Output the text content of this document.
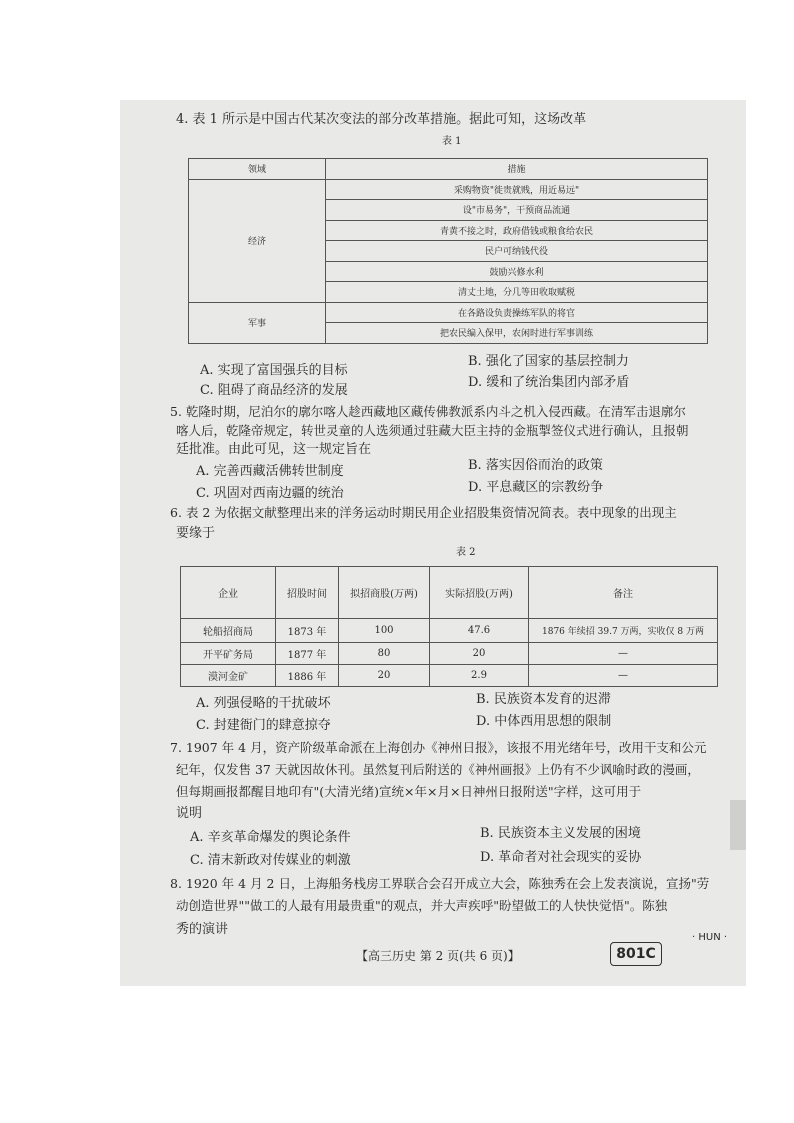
4. 表 1 所示是中国古代某次变法的部分改革措施。据此可知，这场改革
表 1
领域	措施
经济	采购物资"徙贵就贱，用近易远"
	设"市易务"，干预商品流通
	青黄不接之时，政府借钱或粮食给农民
	民户可纳钱代役
	鼓励兴修水利
	清丈土地，分几等田收取赋税
军事	在各路设负责操练军队的将官
	把农民编入保甲，农闲时进行军事训练
A. 实现了富国强兵的目标
B. 强化了国家的基层控制力
C. 阻碍了商品经济的发展
D. 缓和了统治集团内部矛盾
5. 乾隆时期，尼泊尔的廓尔喀人趁西藏地区藏传佛教派系内斗之机入侵西藏。在清军击退廓尔
喀人后，乾隆帝规定，转世灵童的人选须通过驻藏大臣主持的金瓶掣签仪式进行确认，且报朝
廷批准。由此可见，这一规定旨在
A. 完善西藏活佛转世制度	B. 落实因俗而治的政策
C. 巩固对西南边疆的统治	D. 平息藏区的宗教纷争
6. 表 2 为依据文献整理出来的洋务运动时期民用企业招股集资情况简表。表中现象的出现主
要缘于
表 2
企业	招股时间	拟招商股(万两)	实际招股(万两)	备注
轮船招商局	1873 年	100	47.6	1876 年续招 39.7 万两，实收仅 8 万两
开平矿务局	1877 年	80	20	—
漠河金矿	1886 年	20	2.9	—
A. 列强侵略的干扰破坏	B. 民族资本发育的迟滞
C. 封建衙门的肆意掠夺	D. 中体西用思想的限制
7. 1907 年 4 月，资产阶级革命派在上海创办《神州日报》，该报不用光绪年号，改用干支和公元
纪年，仅发售 37 天就因故休刊。虽然复刊后附送的《神州画报》上仍有不少讽喻时政的漫画，
但每期画报都醒目地印有"(大清光绪)宣统×年×月×日神州日报附送"字样，这可用于
说明
A. 辛亥革命爆发的舆论条件	B. 民族资本主义发展的困境
C. 清末新政对传媒业的刺激	D. 革命者对社会现实的妥协
8. 1920 年 4 月 2 日，上海船务栈房工界联合会召开成立大会，陈独秀在会上发表演说，宣扬"劳
动创造世界""做工的人最有用最贵重"的观点，并大声疾呼"盼望做工的人快快觉悟"。陈独
秀的演讲
【高三历史 第 2 页(共 6 页)】	801C
· HUN ·
